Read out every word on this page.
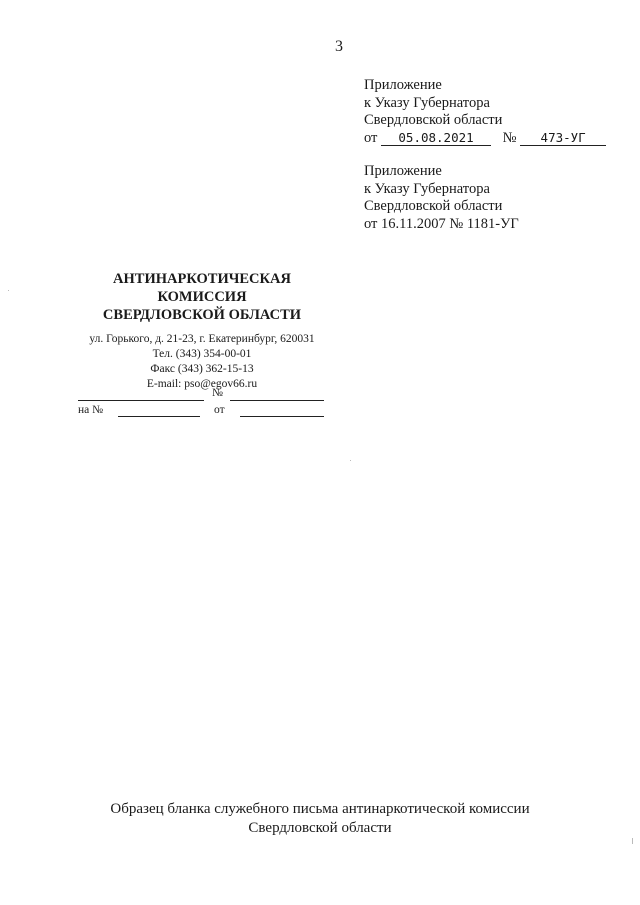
3
Приложение
к Указу Губернатора
Свердловской области
от 05.08.2021 № 473-УГ
Приложение
к Указу Губернатора
Свердловской области
от 16.11.2007 № 1181-УГ
АНТИНАРКОТИЧЕСКАЯ
КОМИССИЯ
СВЕРДЛОВСКОЙ ОБЛАСТИ
ул. Горького, д. 21-23, г. Екатеринбург, 620031
Тел. (343) 354-00-01
Факс (343) 362-15-13
E-mail: pso@egov66.ru
№
на №	от
Образец бланка служебного письма антинаркотической комиссии
Свердловской области
